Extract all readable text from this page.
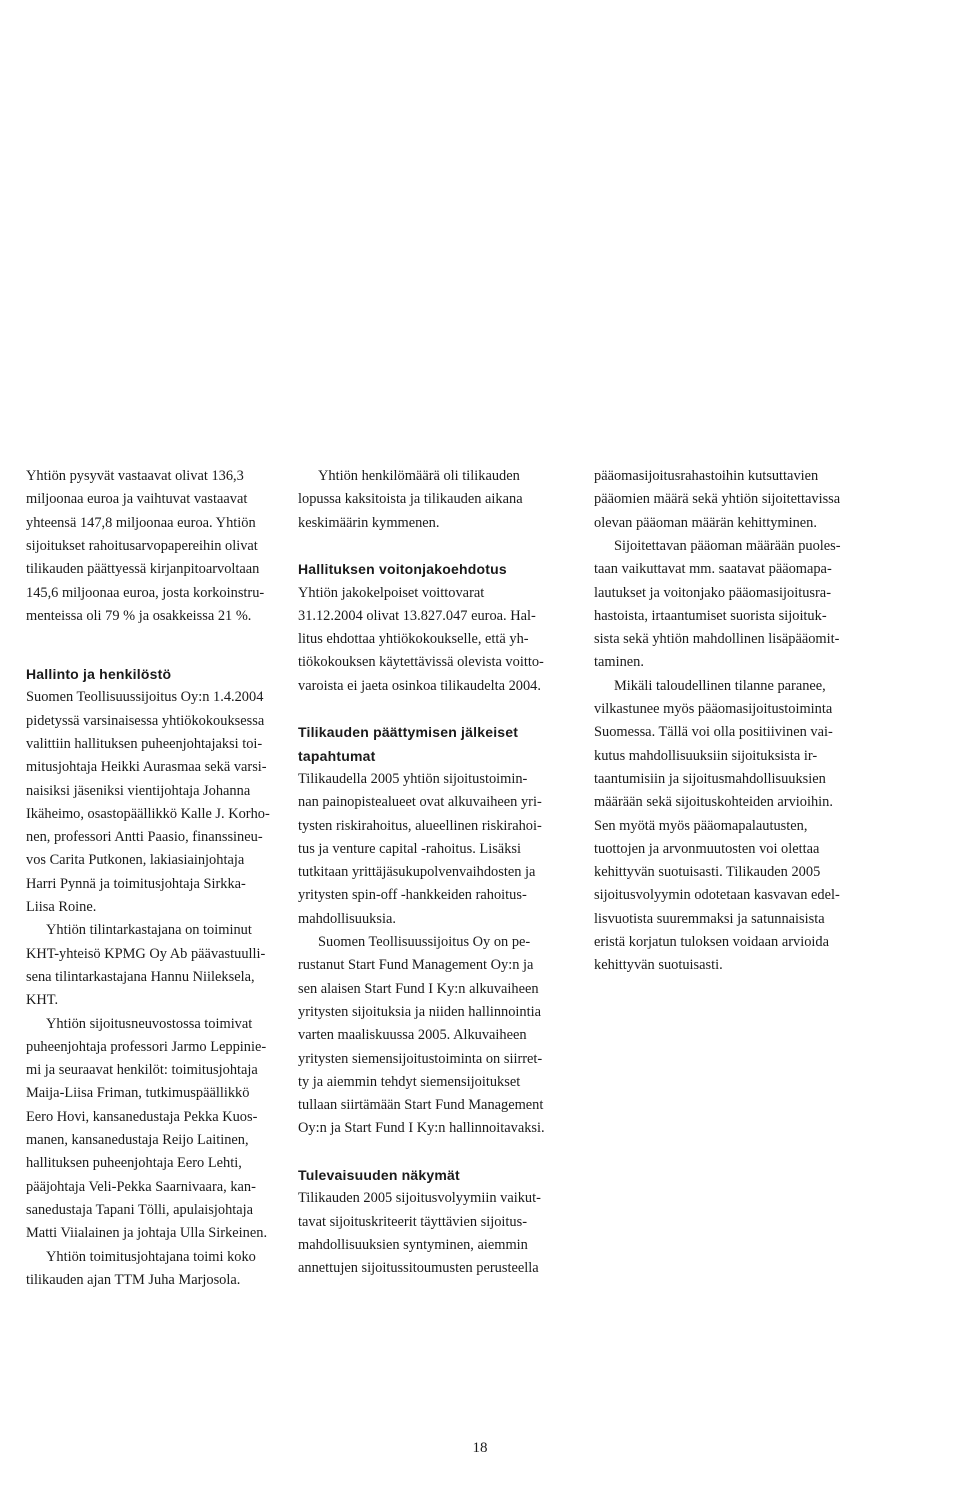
Yhtiön pysyvät vastaavat olivat 136,3
miljoonaa euroa ja vaihtuvat vastaavat
yhteensä 147,8 miljoonaa euroa. Yhtiön
sijoitukset rahoitusarvopapereihin olivat
tilikauden päättyessä kirjanpitoarvoltaan
145,6 miljoonaa euroa, josta korkoinstru-
menteissa oli 79 % ja osakkeissa 21 %.
Hallinto ja henkilöstö
Suomen Teollisuussijoitus Oy:n 1.4.2004
pidetyssä varsinaisessa yhtiökokouksessa
valittiin hallituksen puheenjohtajaksi toi-
mitusjohtaja Heikki Aurasmaa sekä varsi-
naisiksi jäseniksi vientijohtaja Johanna
Ikäheimo, osastopäällikkö Kalle J. Korho-
nen, professori Antti Paasio, finanssineu-
vos Carita Putkonen, lakiasiainjohtaja
Harri Pynnä ja toimitusjohtaja Sirkka-
Liisa Roine.
Yhtiön tilintarkastajana on toiminut
KHT-yhteisö KPMG Oy Ab päävastuulli-
sena tilintarkastajana Hannu Niileksela,
KHT.
Yhtiön sijoitusneuvostossa toimivat
puheenjohtaja professori Jarmo Leppinie-
mi ja seuraavat henkilöt: toimitusjohtaja
Maija-Liisa Friman, tutkimuspäällikkö
Eero Hovi, kansanedustaja Pekka Kuos-
manen, kansanedustaja Reijo Laitinen,
hallituksen puheenjohtaja Eero Lehti,
pääjohtaja Veli-Pekka Saarnivaara, kan-
sanedustaja Tapani Tölli, apulaisjohtaja
Matti Viialainen ja johtaja Ulla Sirkeinen.
Yhtiön toimitusjohtajana toimi koko
tilikauden ajan TTM Juha Marjosola.
Yhtiön henkilömäärä oli tilikauden
lopussa kaksitoista ja tilikauden aikana
keskimäärin kymmenen.
Hallituksen voitonjakoehdotus
Yhtiön jakokelpoiset voittovarat
31.12.2004 olivat 13.827.047 euroa. Hal-
litus ehdottaa yhtiökokoukselle, että yh-
tiökokouksen käytettävissä olevista voitto-
varoista ei jaeta osinkoa tilikaudelta 2004.
Tilikauden päättymisen jälkeiset
tapahtumat
Tilikaudella 2005 yhtiön sijoitustoimin-
nan painopistealueet ovat alkuvaiheen yri-
tysten riskirahoitus, alueellinen riskirahoi-
tus ja venture capital -rahoitus. Lisäksi
tutkitaan yrittäjäsukupolvenvaihdosten ja
yritysten spin-off -hankkeiden rahoitus-
mahdollisuuksia.
Suomen Teollisuussijoitus Oy on pe-
rustanut Start Fund Management Oy:n ja
sen alaisen Start Fund I Ky:n alkuvaiheen
yritysten sijoituksia ja niiden hallinnointia
varten maaliskuussa 2005. Alkuvaiheen
yritysten siemensijoitustoiminta on siirret-
ty ja aiemmin tehdyt siemensijoitukset
tullaan siirtämään Start Fund Management
Oy:n ja Start Fund I Ky:n hallinnoitavaksi.
Tulevaisuuden näkymät
Tilikauden 2005 sijoitusvolyymiin vaikut-
tavat sijoituskriteerit täyttävien sijoitus-
mahdollisuuksien syntyminen, aiemmin
annettujen sijoitussitoumusten perusteella
pääomasijoitusrahastoihin kutsuttavien
pääomien määrä sekä yhtiön sijoitettavissa
olevan pääoman määrän kehittyminen.
Sijoitettavan pääoman määrään puoles-
taan vaikuttavat mm. saatavat pääomapa-
lautukset ja voitonjako pääomasijoitusra-
hastoista, irtaantumiset suorista sijoituk-
sista sekä yhtiön mahdollinen lisäpääomit-
taminen.
Mikäli taloudellinen tilanne paranee,
vilkastunee myös pääomasijoitustoiminta
Suomessa. Tällä voi olla positiivinen vai-
kutus mahdollisuuksiin sijoituksista ir-
taantumisiin ja sijoitusmahdollisuuksien
määrään sekä sijoituskohteiden arvioihin.
Sen myötä myös pääomapalautusten,
tuottojen ja arvonmuutosten voi olettaa
kehittyvän suotuisasti. Tilikauden 2005
sijoitusvolyymin odotetaan kasvavan edel-
lisvuotista suuremmaksi ja satunnaisista
eristä korjatun tuloksen voidaan arvioida
kehittyvän suotuisasti.
18
